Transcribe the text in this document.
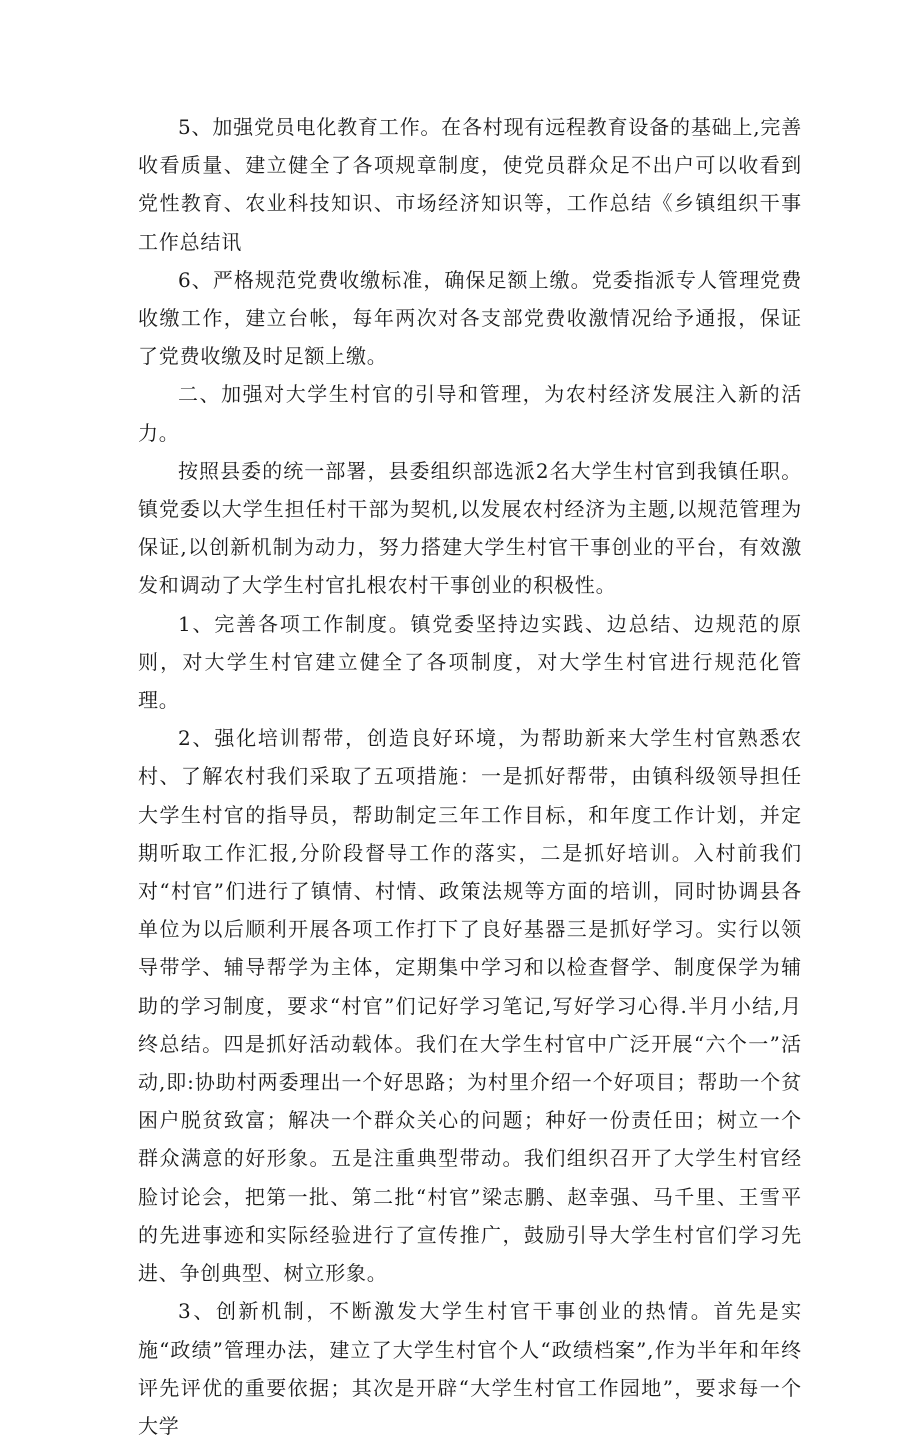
5、加强党员电化教育工作。在各村现有远程教育设备的基础上,完善收看质量、建立健全了各项规章制度，使党员群众足不出户可以收看到党性教育、农业科技知识、市场经济知识等，工作总结《乡镇组织干事工作总结讯

6、严格规范党费收缴标准，确保足额上缴。党委指派专人管理党费收缴工作，建立台帐，每年两次对各支部党费收激情况给予通报，保证了党费收缴及时足额上缴。

二、加强对大学生村官的引导和管理，为农村经济发展注入新的活力。

按照县委的统一部署，县委组织部选派2名大学生村官到我镇任职。镇党委以大学生担任村干部为契机,以发展农村经济为主题,以规范管理为保证,以创新机制为动力，努力搭建大学生村官干事创业的平台，有效激发和调动了大学生村官扎根农村干事创业的积极性。

1、完善各项工作制度。镇党委坚持边实践、边总结、边规范的原则，对大学生村官建立健全了各项制度，对大学生村官进行规范化管理。

2、强化培训帮带，创造良好环境，为帮助新来大学生村官熟悉农村、了解农村我们采取了五项措施：一是抓好帮带，由镇科级领导担任大学生村官的指导员，帮助制定三年工作目标，和年度工作计划，并定期听取工作汇报,分阶段督导工作的落实，二是抓好培训。入村前我们对“村官”们进行了镇情、村情、政策法规等方面的培训，同时协调县各单位为以后顺利开展各项工作打下了良好基器三是抓好学习。实行以领导带学、辅导帮学为主体，定期集中学习和以检查督学、制度保学为辅助的学习制度，要求“村官”们记好学习笔记,写好学习心得.半月小结,月终总结。四是抓好活动载体。我们在大学生村官中广泛开展“六个一”活动,即:协助村两委理出一个好思路；为村里介绍一个好项目；帮助一个贫困户脱贫致富；解决一个群众关心的问题；种好一份责任田；树立一个群众满意的好形象。五是注重典型带动。我们组织召开了大学生村官经脸讨论会，把第一批、第二批“村官”梁志鹏、赵幸强、马千里、王雪平的先进事迹和实际经验进行了宣传推广，鼓励引导大学生村官们学习先进、争创典型、树立形象。

3、创新机制，不断激发大学生村官干事创业的热情。首先是实施“政绩”管理办法，建立了大学生村官个人“政绩档案”,作为半年和年终评先评优的重要依据；其次是开辟“大学生村官工作园地”，要求每一个大学
